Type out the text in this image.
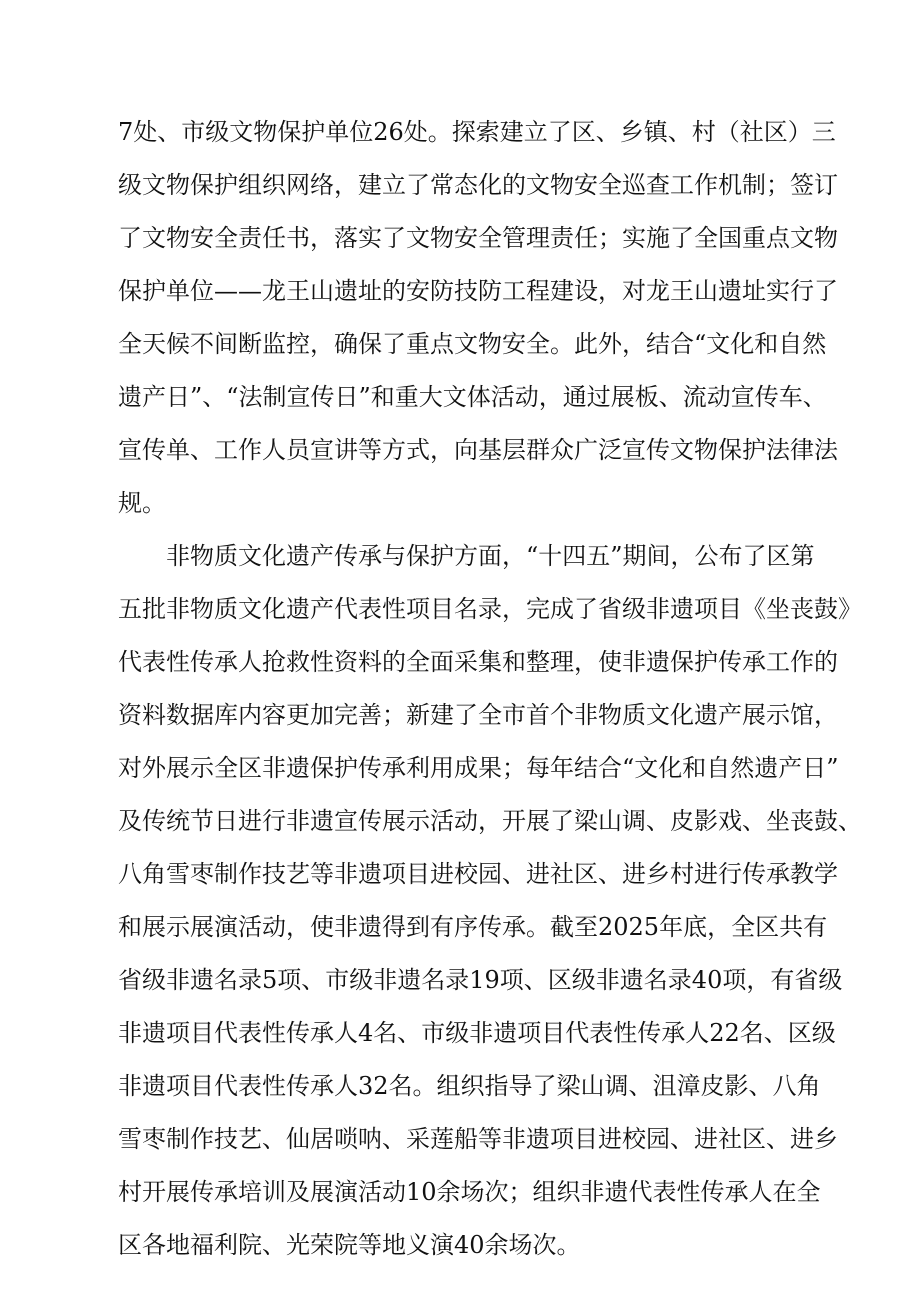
7处、市级文物保护单位26处。探索建立了区、乡镇、村（社区）三
级文物保护组织网络，建立了常态化的文物安全巡查工作机制；签订
了文物安全责任书，落实了文物安全管理责任；实施了全国重点文物
保护单位——龙王山遗址的安防技防工程建设，对龙王山遗址实行了
全天候不间断监控，确保了重点文物安全。此外，结合“文化和自然
遗产日”、“法制宣传日”和重大文体活动，通过展板、流动宣传车、
宣传单、工作人员宣讲等方式，向基层群众广泛宣传文物保护法律法
规。
非物质文化遗产传承与保护方面，“十四五”期间，公布了区第
五批非物质文化遗产代表性项目名录，完成了省级非遗项目《坐丧鼓》
代表性传承人抢救性资料的全面采集和整理，使非遗保护传承工作的
资料数据库内容更加完善；新建了全市首个非物质文化遗产展示馆，
对外展示全区非遗保护传承利用成果；每年结合“文化和自然遗产日”
及传统节日进行非遗宣传展示活动，开展了梁山调、皮影戏、坐丧鼓、
八角雪枣制作技艺等非遗项目进校园、进社区、进乡村进行传承教学
和展示展演活动，使非遗得到有序传承。截至2025年底，全区共有
省级非遗名录5项、市级非遗名录19项、区级非遗名录40项，有省级
非遗项目代表性传承人4名、市级非遗项目代表性传承人22名、区级
非遗项目代表性传承人32名。组织指导了梁山调、沮漳皮影、八角
雪枣制作技艺、仙居唢呐、采莲船等非遗项目进校园、进社区、进乡
村开展传承培训及展演活动10余场次；组织非遗代表性传承人在全
区各地福利院、光荣院等地义演40余场次。
